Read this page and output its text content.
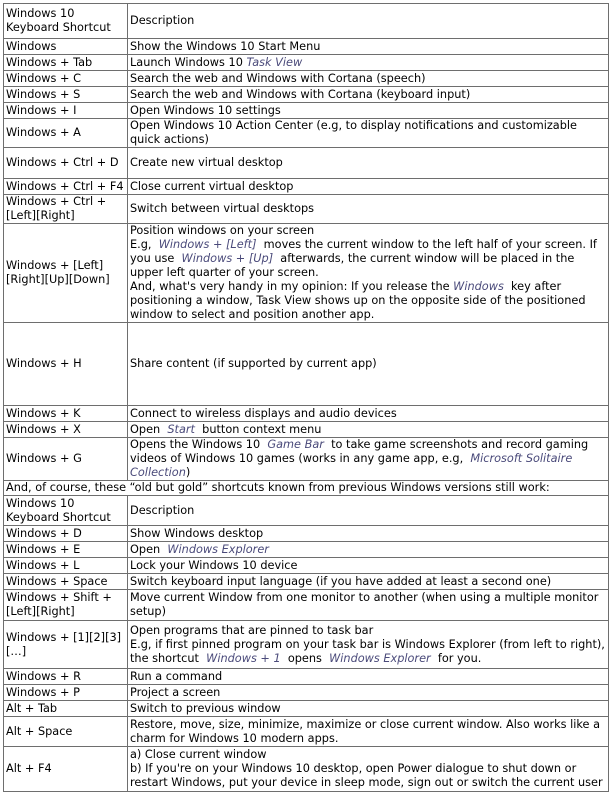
Windows 10 Keyboard Shortcut	Description
Windows	Show the Windows 10 Start Menu
Windows + Tab	Launch Windows 10 Task View
Windows + C	Search the web and Windows with Cortana (speech)
Windows + S	Search the web and Windows with Cortana (keyboard input)
Windows + I	Open Windows 10 settings
Windows + A	Open Windows 10 Action Center (e.g, to display notifications and customizable quick actions)
Windows + Ctrl + D	Create new virtual desktop
Windows + Ctrl + F4	Close current virtual desktop
Windows + Ctrl + [Left][Right]	Switch between virtual desktops
Windows + [Left][Right][Up][Down]	Position windows on your screen
E.g,  Windows + [Left]  moves the current window to the left half of your screen. If you use  Windows + [Up]  afterwards, the current window will be placed in the upper left quarter of your screen.
And, what's very handy in my opinion: If you release the Windows  key after positioning a window, Task View shows up on the opposite side of the positioned window to select and position another app.
Windows + H	Share content (if supported by current app)
Windows + K	Connect to wireless displays and audio devices
Windows + X	Open  Start  button context menu
Windows + G	Opens the Windows 10  Game Bar  to take game screenshots and record gaming videos of Windows 10 games (works in any game app, e.g,  Microsoft Solitaire Collection)
And, of course, these “old but gold” shortcuts known from previous Windows versions still work:	
Windows 10 Keyboard Shortcut	Description
Windows + D	Show Windows desktop
Windows + E	Open  Windows Explorer
Windows + L	Lock your Windows 10 device
Windows + Space	Switch keyboard input language (if you have added at least a second one)
Windows + Shift + [Left][Right]	Move current Window from one monitor to another (when using a multiple monitor setup)
Windows + [1][2][3][…]	Open programs that are pinned to task bar
E.g, if first pinned program on your task bar is Windows Explorer (from left to right), the shortcut  Windows + 1  opens  Windows Explorer  for you.
Windows + R	Run a command
Windows + P	Project a screen
Alt + Tab	Switch to previous window
Alt + Space	Restore, move, size, minimize, maximize or close current window. Also works like a charm for Windows 10 modern apps.
Alt + F4	a) Close current window
b) If you're on your Windows 10 desktop, open Power dialogue to shut down or restart Windows, put your device in sleep mode, sign out or switch the current user
